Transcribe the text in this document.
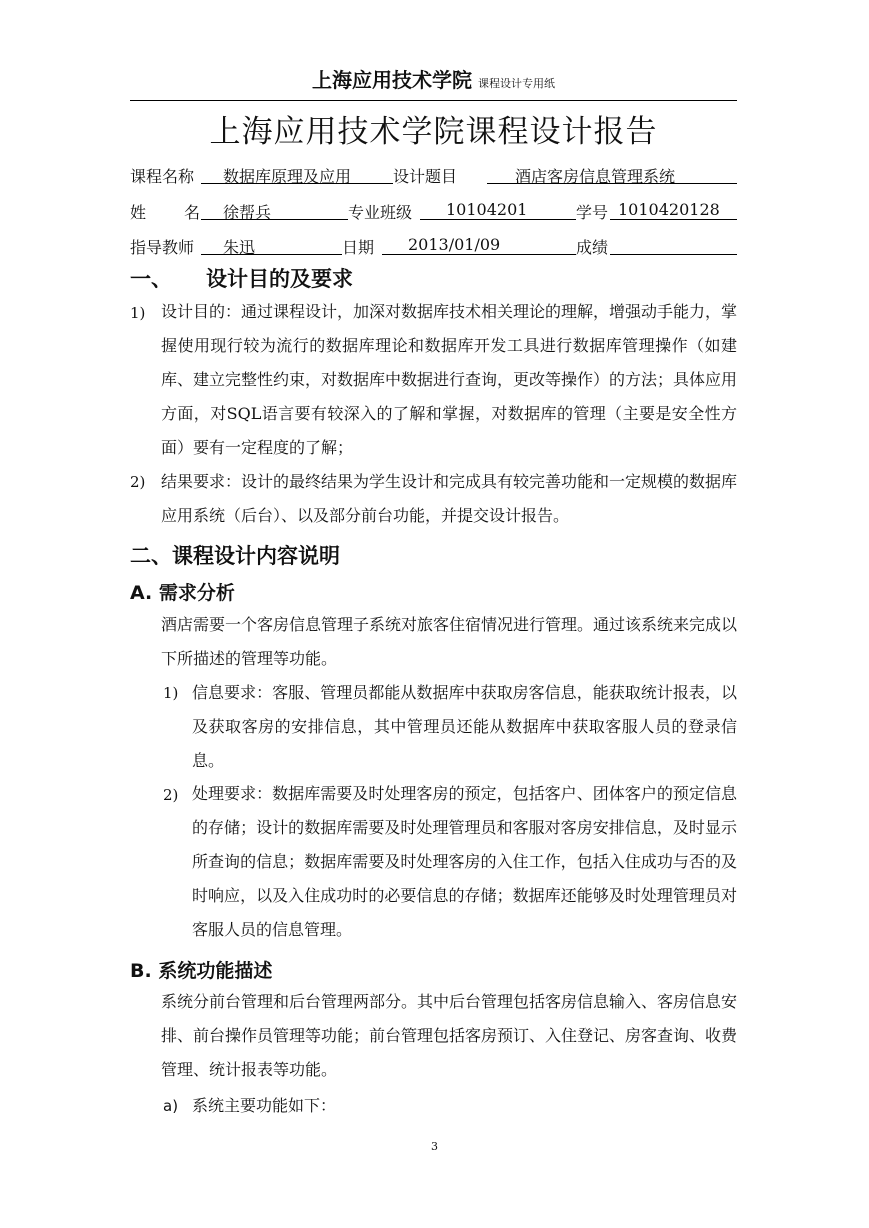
上海应用技术学院 课程设计专用纸
上海应用技术学院课程设计报告
课程名称	数据库原理及应用	设计题目	酒店客房信息管理系统
姓 名	徐帮兵	专业班级	10104201	学号 1010420128
指导教师	朱迅	日期	2013/01/09	成绩
一、 设计目的及要求
1) 设计目的：通过课程设计，加深对数据库技术相关理论的理解，增强动手能力，掌握使用现行较为流行的数据库理论和数据库开发工具进行数据库管理操作（如建库、建立完整性约束，对数据库中数据进行查询，更改等操作）的方法；具体应用方面，对SQL语言要有较深入的了解和掌握，对数据库的管理（主要是安全性方面）要有一定程度的了解；
2) 结果要求：设计的最终结果为学生设计和完成具有较完善功能和一定规模的数据库应用系统（后台）、以及部分前台功能，并提交设计报告。
二、课程设计内容说明
A. 需求分析
酒店需要一个客房信息管理子系统对旅客住宿情况进行管理。通过该系统来完成以下所描述的管理等功能。
1) 信息要求：客服、管理员都能从数据库中获取房客信息，能获取统计报表，以及获取客房的安排信息，其中管理员还能从数据库中获取客服人员的登录信息。
2) 处理要求：数据库需要及时处理客房的预定，包括客户、团体客户的预定信息的存储；设计的数据库需要及时处理管理员和客服对客房安排信息，及时显示所查询的信息；数据库需要及时处理客房的入住工作，包括入住成功与否的及时响应，以及入住成功时的必要信息的存储；数据库还能够及时处理管理员对客服人员的信息管理。
B. 系统功能描述
系统分前台管理和后台管理两部分。其中后台管理包括客房信息输入、客房信息安排、前台操作员管理等功能；前台管理包括客房预订、入住登记、房客查询、收费管理、统计报表等功能。
a) 系统主要功能如下：
3
